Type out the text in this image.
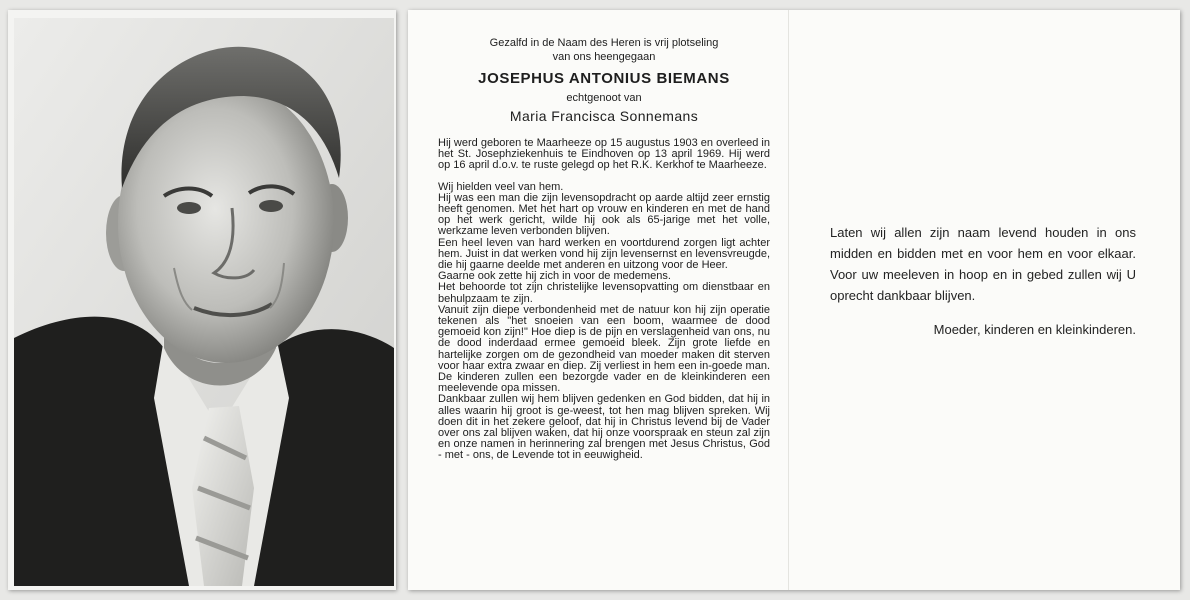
Gezalfd in de Naam des Heren is vrij plotseling
van ons heengegaan
JOSEPHUS ANTONIUS BIEMANS
echtgenoot van
Maria Francisca Sonnemans

Hij werd geboren te Maarheeze op 15 augustus 1903 en overleed in het St. Josephziekenhuis te Eindhoven op 13 april 1969. Hij werd op 16 april d.o.v. te ruste gelegd op het R.K. Kerkhof te Maarheeze.

Wij hielden veel van hem.

Hij was een man die zijn levensopdracht op aarde altijd zeer ernstig heeft genomen. Met het hart op vrouw en kinderen en met de hand op het werk gericht, wilde hij ook als 65-jarige met het volle, werkzame leven verbonden blijven.

Een heel leven van hard werken en voortdurend zorgen ligt achter hem. Juist in dat werken vond hij zijn levensernst en levensvreugde, die hij gaarne deelde met anderen en uitzong voor de Heer.

Gaarne ook zette hij zich in voor de medemens.

Het behoorde tot zijn christelijke levensopvatting om dienstbaar en behulpzaam te zijn.

Vanuit zijn diepe verbondenheid met de natuur kon hij zijn operatie tekenen als "het snoeien van een boom, waarmee de dood gemoeid kon zijn!" Hoe diep is de pijn en verslagenheid van ons, nu de dood inderdaad ermee gemoeid bleek. Zijn grote liefde en hartelijke zorgen om de gezondheid van moeder maken dit sterven voor haar extra zwaar en diep. Zij verliest in hem een in-goede man.

De kinderen zullen een bezorgde vader en de kleinkinderen een meelevende opa missen.

Dankbaar zullen wij hem blijven gedenken en God bidden, dat hij in alles waarin hij groot is ge-weest, tot hen mag blijven spreken. Wij doen dit in het zekere geloof, dat hij in Christus levend bij de Vader over ons zal blijven waken, dat hij onze voorspraak en steun zal zijn en onze namen in herinnering zal brengen met Jesus Christus, God - met - ons, de Levende tot in eeuwigheid.

Laten wij allen zijn naam levend houden in ons midden en bidden met en voor hem en voor elkaar. Voor uw meeleven in hoop en in gebed zullen wij U oprecht dankbaar blijven.
Moeder, kinderen en kleinkinderen.
